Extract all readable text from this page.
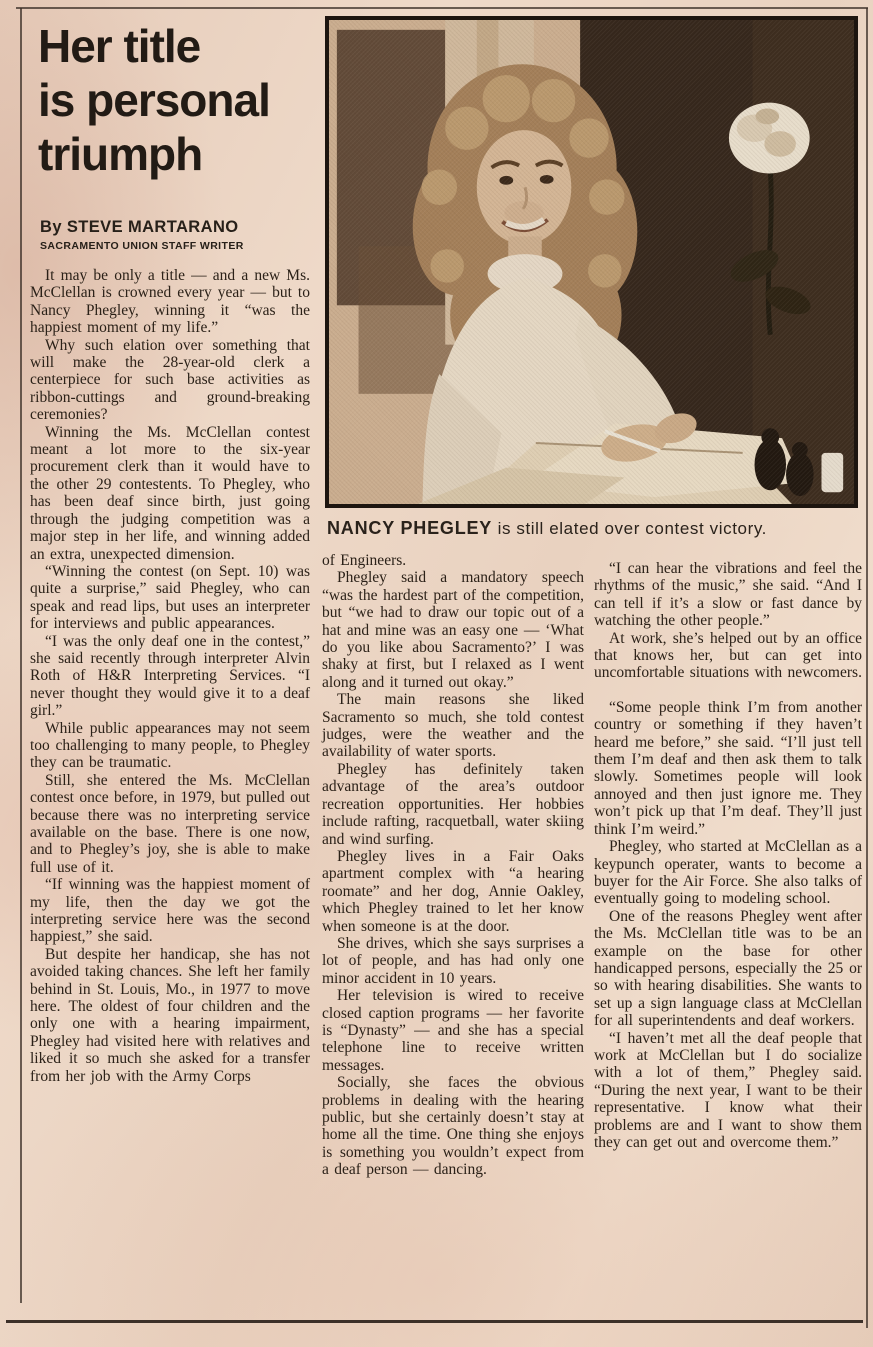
Her title
is personal
triumph
By STEVE MARTARANO
SACRAMENTO UNION STAFF WRITER
NANCY PHEGLEY is still elated over contest victory.

It may be only a title — and a new Ms. McClellan is crowned every year — but to Nancy Phegley, winning it “was the happiest moment of my life.”

Why such elation over something that will make the 28-year-old clerk a centerpiece for such base activities as ribbon-cuttings and ground-breaking ceremonies?

Winning the Ms. McClellan contest meant a lot more to the six-year procurement clerk than it would have to the other 29 contestents. To Phegley, who has been deaf since birth, just going through the judging competition was a major step in her life, and winning added an extra, unexpected dimension.

“Winning the contest (on Sept. 10) was quite a surprise,” said Phegley, who can speak and read lips, but uses an interpreter for interviews and public appearances.

“I was the only deaf one in the contest,” she said recently through interpreter Alvin Roth of H&R Interpreting Services. “I never thought they would give it to a deaf girl.”

While public appearances may not seem too challenging to many people, to Phegley they can be traumatic.

Still, she entered the Ms. McClellan contest once before, in 1979, but pulled out because there was no interpreting service available on the base. There is one now, and to Phegley’s joy, she is able to make full use of it.

“If winning was the happiest moment of my life, then the day we got the interpreting service here was the second happiest,” she said.

But despite her handicap, she has not avoided taking chances. She left her family behind in St. Louis, Mo., in 1977 to move here. The oldest of four children and the only one with a hearing impairment, Phegley had visited here with relatives and liked it so much she asked for a transfer from her job with the Army Corps

of Engineers.

Phegley said a mandatory speech “was the hardest part of the competition, but “we had to draw our topic out of a hat and mine was an easy one — ‘What do you like abou Sacramento?’ I was shaky at first, but I relaxed as I went along and it turned out okay.”

The main reasons she liked Sacramento so much, she told contest judges, were the weather and the availability of water sports.

Phegley has definitely taken advantage of the area’s outdoor recreation opportunities. Her hobbies include rafting, racquetball, water skiing and wind surfing.

Phegley lives in a Fair Oaks apartment complex with “a hearing roomate” and her dog, Annie Oakley, which Phegley trained to let her know when someone is at the door.

She drives, which she says surprises a lot of people, and has had only one minor accident in 10 years.

Her television is wired to receive closed caption programs — her favorite is “Dynasty” — and she has a special telephone line to receive written messages.

Socially, she faces the obvious problems in dealing with the hearing public, but she certainly doesn’t stay at home all the time. One thing she enjoys is something you wouldn’t expect from a deaf person — dancing.

“I can hear the vibrations and feel the rhythms of the music,” she said. “And I can tell if it’s a slow or fast dance by watching the other people.”

At work, she’s helped out by an office that knows her, but can get into uncomfortable situations with newcomers.

“Some people think I’m from another country or something if they haven’t heard me before,” she said. “I’ll just tell them I’m deaf and then ask them to talk slowly. Sometimes people will look annoyed and then just ignore me. They won’t pick up that I’m deaf. They’ll just think I’m weird.”

Phegley, who started at McClellan as a keypunch operater, wants to become a buyer for the Air Force. She also talks of eventually going to modeling school.

One of the reasons Phegley went after the Ms. McClellan title was to be an example on the base for other handicapped persons, especially the 25 or so with hearing disabilities. She wants to set up a sign language class at McClellan for all superintendents and deaf workers.

“I haven’t met all the deaf people that work at McClellan but I do socialize with a lot of them,” Phegley said. “During the next year, I want to be their representative. I know what their problems are and I want to show them they can get out and overcome them.”
